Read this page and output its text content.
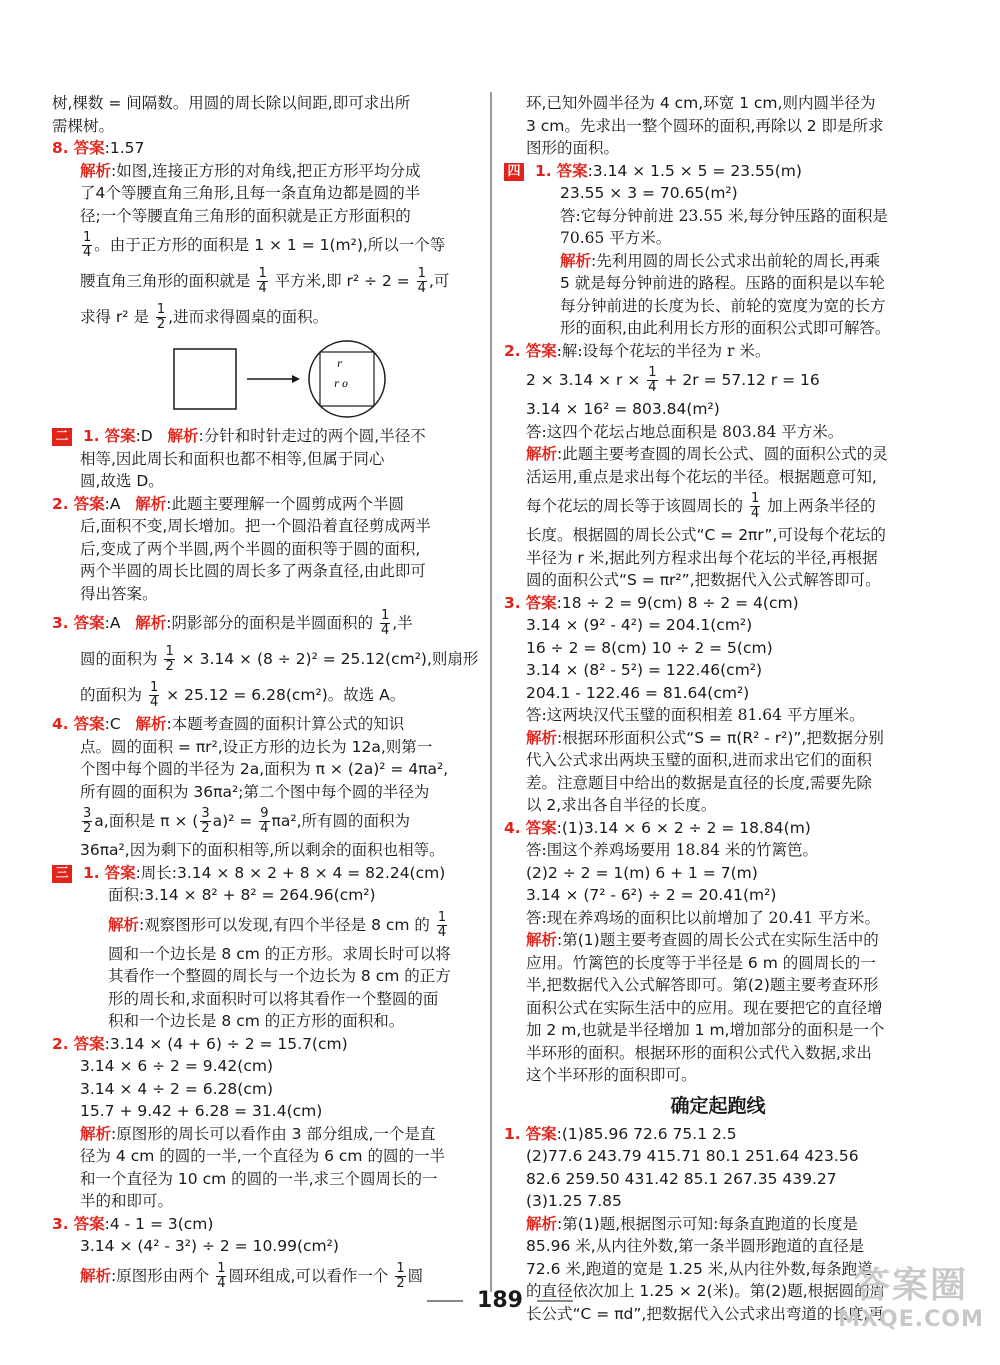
树,棵数 = 间隔数。用圆的周长除以间距,即可求出所
需棵树。
8. 答案:1.57
解析:如图,连接正方形的对角线,把正方形平均分成
了4个等腰直角三角形,且每一条直角边都是圆的半
径;一个等腰直角三角形的面积就是正方形面积的
$\frac{1}{4}$ 。由于正方形的面积是 1 × 1 = 1(m²),所以一个等
腰直角三角形的面积就是 $\frac{1}{4}$ 平方米,即 $r^2 \div 2 = \frac{1}{4}$ ,可
求得 r² 是 $\frac{1}{2}$ ,进而求得圆桌的面积。
r
r o
二 1. 答案:D 解析:分针和时针走过的两个圆,半径不
相等,因此周长和面积也都不相等,但属于同心
圆,故选 D。
2. 答案:A 解析:此题主要理解一个圆剪成两个半圆
后,面积不变,周长增加。把一个圆沿着直径剪成两半
后,变成了两个半圆,两个半圆的面积等于圆的面积,
两个半圆的周长比圆的周长多了两条直径,由此即可
得出答案。
3. 答案:A 解析:阴影部分的面积是半圆面积的 $\frac{1}{4}$ ,半
圆的面积为 $\frac{1}{2} \times 3.14 \times (8 \div 2)^2 = 25.12(cm^2)$,则扇形
的面积为 $\frac{1}{4} \times 25.12 = 6.28(cm^2)$。故选 A。
4. 答案:C 解析:本题考查圆的面积计算公式的知识
点。圆的面积 = πr²,设正方形的边长为 12a,则第一
个图中每个圆的半径为 2a,面积为 π × (2a)² = 4πa²,
所有圆的面积为 36πa²;第二个图中每个圆的半径为
$\frac{3}{2} a$,面积是 π × ( $\frac{3}{2} a)^2 = \frac{9}{4} \pi a^2$,所有圆的面积为
36πa²,因为剩下的面积相等,所以剩余的面积也相等。
三 1. 答案:周长:3.14 × 8 × 2 + 8 × 4 = 82.24(cm)
面积:3.14 × 8² + 8² = 264.96(cm²)
解析:观察图形可以发现,有四个半径是 8 cm 的 $\frac{1}{4}$
圆和一个边长是 8 cm 的正方形。求周长时可以将
其看作一个整圆的周长与一个边长为 8 cm 的正方
形的周长和,求面积时可以将其看作一个整圆的面
积和一个边长是 8 cm 的正方形的面积和。
2. 答案:3.14 × (4 + 6) ÷ 2 = 15.7(cm)
3.14 × 6 ÷ 2 = 9.42(cm)
3.14 × 4 ÷ 2 = 6.28(cm)
15.7 + 9.42 + 6.28 = 31.4(cm)
解析:原图形的周长可以看作由 3 部分组成,一个是直
径为 4 cm 的圆的一半,一个直径为 6 cm 的圆的一半
和一个直径为 10 cm 的圆的一半,求三个圆周长的一
半的和即可。
3. 答案:4 - 1 = 3(cm)
3.14 × (4² - 3²) ÷ 2 = 10.99(cm²)
解析:原图形由两个 $\frac{1}{4}$ 圆环组成,可以看作一个 $\frac{1}{2}$ 圆
环,已知外圆半径为 4 cm,环宽 1 cm,则内圆半径为
3 cm。先求出一整个圆环的面积,再除以 2 即是所求
图形的面积。
四 1. 答案:3.14 × 1.5 × 5 = 23.55(m)
23.55 × 3 = 70.65(m²)
答:它每分钟前进 23.55 米,每分钟压路的面积是
70.65 平方米。
解析:先利用圆的周长公式求出前轮的周长,再乘
5 就是每分钟前进的路程。压路的面积是以车轮
每分钟前进的长度为长、前轮的宽度为宽的长方
形的面积,由此利用长方形的面积公式即可解答。
2. 答案:解:设每个花坛的半径为 r 米。
$2 \times 3.14 \times r \times \frac{1}{4} + 2r = 57.12$ r = 16
3.14 × 16² = 803.84(m²)
答:这四个花坛占地总面积是 803.84 平方米。
解析:此题主要考查圆的周长公式、圆的面积公式的灵
活运用,重点是求出每个花坛的半径。根据题意可知,
每个花坛的周长等于该圆周长的 $\frac{1}{4}$ 加上两条半径的
长度。根据圆的周长公式“C = 2πr”,可设每个花坛的
半径为 r 米,据此列方程求出每个花坛的半径,再根据
圆的面积公式“S = πr²”,把数据代入公式解答即可。
3. 答案:18 ÷ 2 = 9(cm) 8 ÷ 2 = 4(cm)
3.14 × (9² - 4²) = 204.1(cm²)
16 ÷ 2 = 8(cm) 10 ÷ 2 = 5(cm)
3.14 × (8² - 5²) = 122.46(cm²)
204.1 - 122.46 = 81.64(cm²)
答:这两块汉代玉璧的面积相差 81.64 平方厘米。
解析:根据环形面积公式“S = π(R² - r²)”,把数据分别
代入公式求出两块玉璧的面积,进而求出它们的面积
差。注意题目中给出的数据是直径的长度,需要先除
以 2,求出各自半径的长度。
4. 答案:(1)3.14 × 6 × 2 ÷ 2 = 18.84(m)
答:围这个养鸡场要用 18.84 米的竹篱笆。
(2)2 ÷ 2 = 1(m) 6 + 1 = 7(m)
3.14 × (7² - 6²) ÷ 2 = 20.41(m²)
答:现在养鸡场的面积比以前增加了 20.41 平方米。
解析:第(1)题主要考查圆的周长公式在实际生活中的
应用。竹篱笆的长度等于半径是 6 m 的圆周长的一
半,把数据代入公式解答即可。第(2)题主要考查环形
面积公式在实际生活中的应用。现在要把它的直径增
加 2 m,也就是半径增加 1 m,增加部分的面积是一个
半环形的面积。根据环形的面积公式代入数据,求出
这个半环形的面积即可。
确定起跑线
1. 答案:(1)85.96 72.6 75.1 2.5
(2)77.6 243.79 415.71 80.1 251.64 423.56
82.6 259.50 431.42 85.1 267.35 439.27
(3)1.25 7.85
解析:第(1)题,根据图示可知:每条直跑道的长度是
85.96 米,从内往外数,第一条半圆形跑道的直径是
72.6 米,跑道的宽是 1.25 米,从内往外数,每条跑道
的直径依次加上 1.25 × 2(米)。第(2)题,根据圆的周
长公式“C = πd”,把数据代入公式求出弯道的长度,再
189	答案圈
MXQE.COM
